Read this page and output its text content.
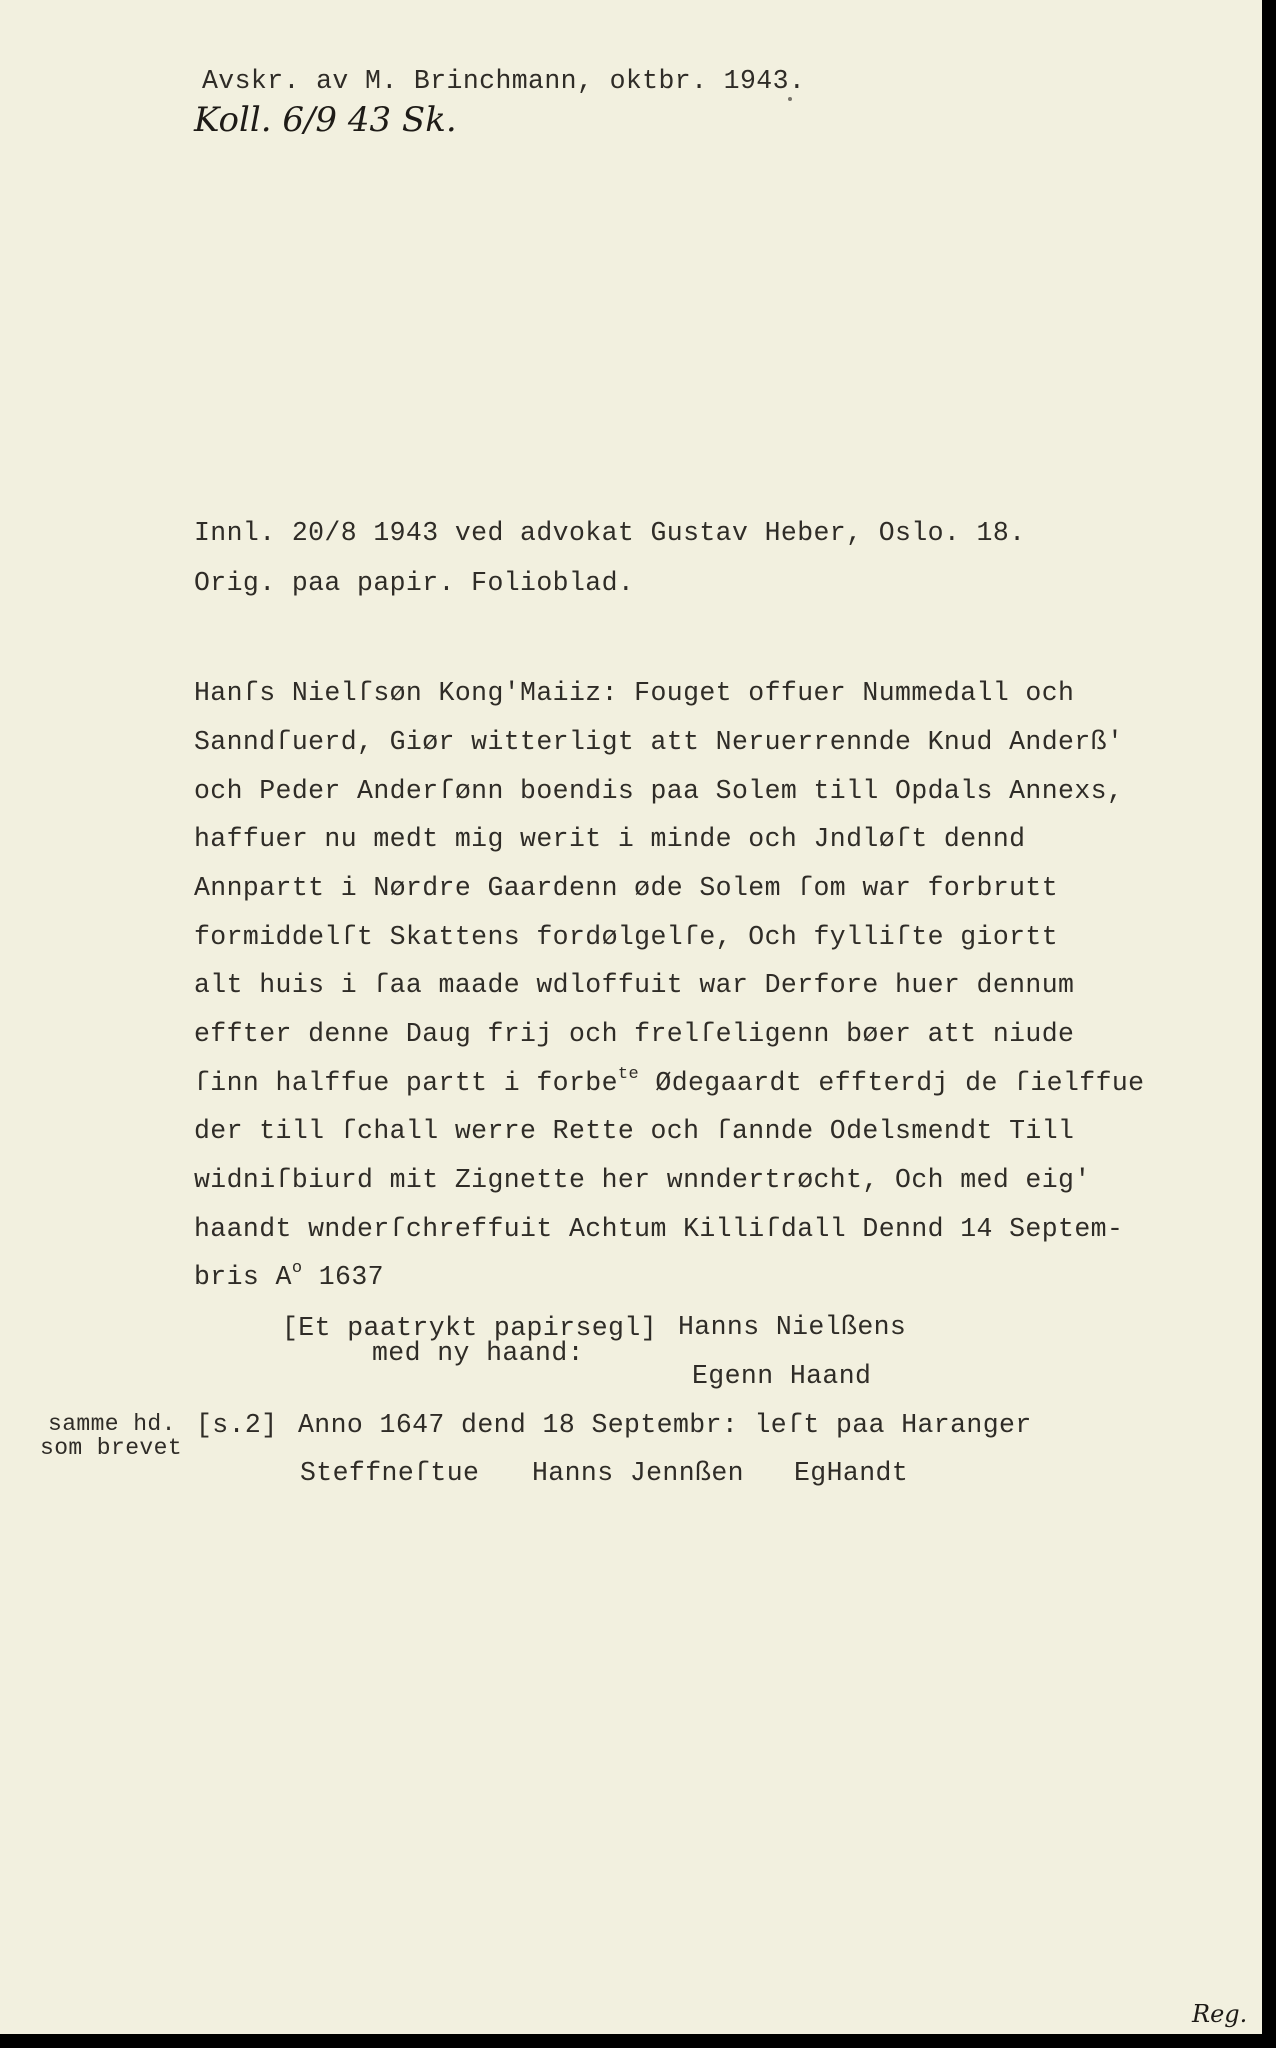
Avskr. av M. Brinchmann, oktbr. 1943.
Koll. 6/9 43 Sk.
Innl. 20/8 1943 ved advokat Gustav Heber, Oslo. 18.
Orig. paa papir. Folioblad.
Hanſs Nielſsøn Kong'Maiiz: Fouget offuer Nummedall och
Sanndſuerd, Giør witterligt att Neruerrennde Knud Anderß'
och Peder Anderſønn boendis paa Solem till Opdals Annexs,
haffuer nu medt mig werit i minde och Jndløſt dennd
Annpartt i Nørdre Gaardenn øde Solem ſom war forbrutt
formiddelſt Skattens fordølgelſe, Och fylliſte giortt
alt huis i ſaa maade wdloffuit war Derfore huer dennum
effter denne Daug frij och frelſeligenn bøer att niude
ſinn halffue partt i forbe$^{te}$ Ødegaardt effterdj de ſielffue
der till ſchall werre Rette och ſannde Odelsmendt Till
widniſbiurd mit Zignette her wnndertrøcht, Och med eig'
haandt wnderſchreffuit Achtum Killiſdall Dennd 14 Septem-
bris $A^o$ 1637
[Et paatrykt papirsegl]
med ny haand:
Hanns Nielßens
Egenn Haand
samme hd.
som brevet
[s.2] Anno 1647 dend 18 Septembr: leſt paa Haranger
Steffneſtue Hanns Jennßen EgHandt
Reg.
